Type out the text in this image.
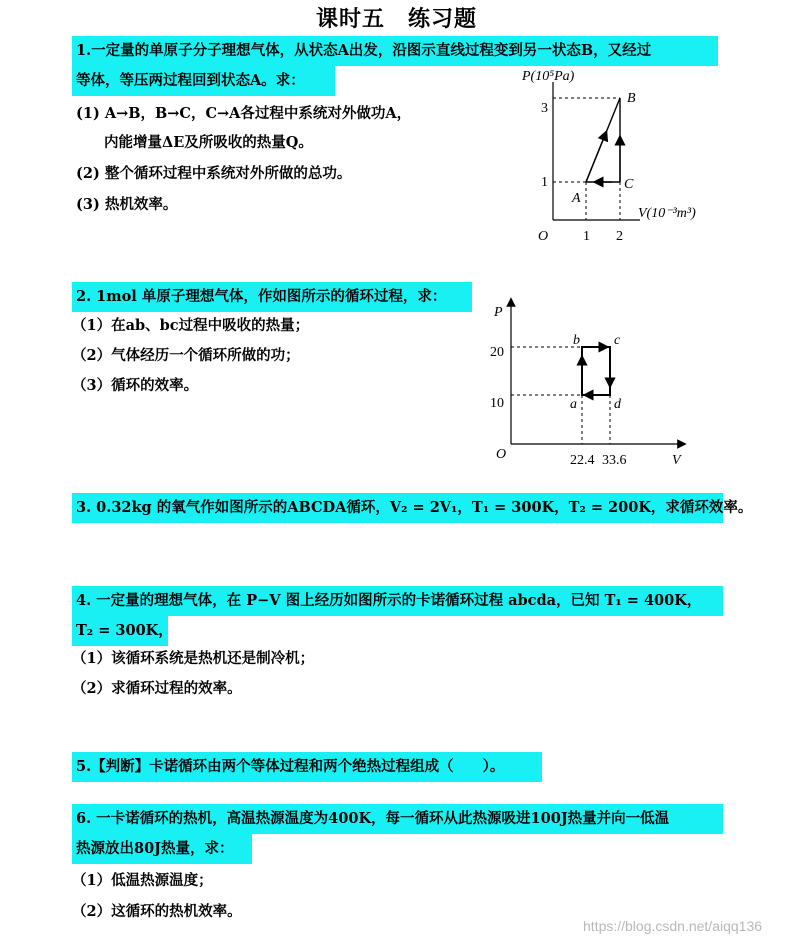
课时五　练习题
1.一定量的单原子分子理想气体，从状态A出发，沿图示直线过程变到另一状态B，又经过
等体，等压两过程回到状态A。求：
(1) A→B，B→C，C→A各过程中系统对外做功A，
内能增量ΔE及所吸收的热量Q。
(2) 整个循环过程中系统对外所做的总功。
(3) 热机效率。
P(10⁵Pa)
V(10⁻³m³)
O
3
1
1 2
A
B
C
2. 1mol 单原子理想气体，作如图所示的循环过程，求：
（1）在ab、bc过程中吸收的热量；
（2）气体经历一个循环所做的功；
（3）循环的效率。
P
V
O
20
10
22.4 33.6
a
b c
d
3. 0.32kg 的氧气作如图所示的ABCDA循环，V₂ = 2V₁，T₁ = 300K，T₂ = 200K，求循环效率。
4. 一定量的理想气体，在 P−V 图上经历如图所示的卡诺循环过程 abcda，已知 T₁ = 400K，
T₂ = 300K，
（1）该循环系统是热机还是制冷机；
（2）求循环过程的效率。
5.【判断】卡诺循环由两个等体过程和两个绝热过程组成（　　）。
6. 一卡诺循环的热机，高温热源温度为400K，每一循环从此热源吸进100J热量并向一低温
热源放出80J热量，求：
（1）低温热源温度；
（2）这循环的热机效率。
https://blog.csdn.net/aiqq136
